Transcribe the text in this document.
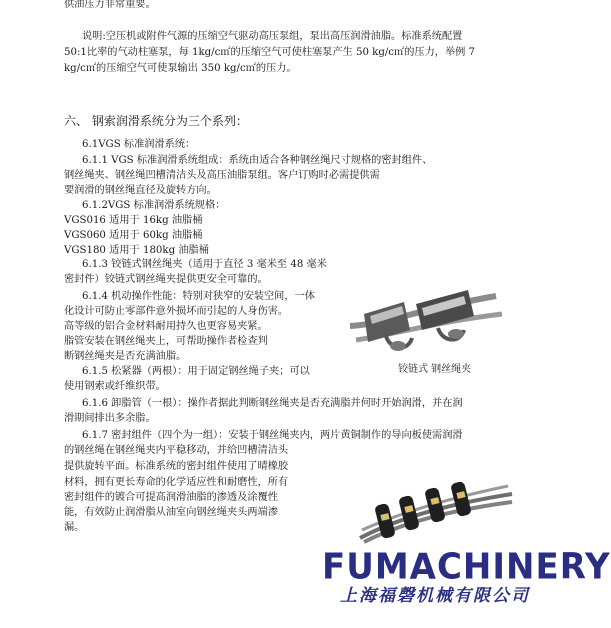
供油压力非常重要。
说明:空压机或附件气源的压缩空气驱动高压泵组，泵出高压润滑油脂。标准系统配置
50:1比率的气动柱塞泵，每 1kg/c㎡的压缩空气可使柱塞泵产生 50 kg/c㎡的压力，举例 7
kg/c㎡的压缩空气可使泵输出 350 kg/c㎡的压力。
六、 钢索润滑系统分为三个系列：
6.1VGS 标准润滑系统：
6.1.1 VGS 标准润滑系统组成：系统由适合各种钢丝绳尺寸规格的密封组件、
钢丝绳夹、钢丝绳凹槽清洁头及高压油脂泵组。客户订购时必需提供需
要润滑的钢丝绳直径及旋转方向。
6.1.2VGS 标准润滑系统规格：
VGS016 适用于 16kg 油脂桶
VGS060 适用于 60kg 油脂桶
VGS180 适用于 180kg 油脂桶
6.1.3 铰链式钢丝绳夹（适用于直径 3 毫米至 48 毫米
密封件）铰链式钢丝绳夹提供更安全可靠的。
6.1.4 机动操作性能：特别对狭窄的安装空间，一体
化设计可防止零部件意外损坏而引起的人身伤害。
高等级的铝合金材料耐用持久也更容易夹紧。
脂管安装在钢丝绳夹上，可帮助操作者检查判
断钢丝绳夹是否充满油脂。
6.1.5 松紧器（两根）：用于固定钢丝绳子夹；可以
使用钢索或纤维织带。
6.1.6 卸脂管（一根）：操作者据此判断钢丝绳夹是否充满脂并何时开始润滑，并在润
滑期间排出多余脂。
6.1.7 密封组件（四个为一组）：安装于钢丝绳夹内，两片黄铜制作的导向板使需润滑
的钢丝绳在钢丝绳夹内平稳移动，并给凹槽清洁头
提供旋转平面。标准系统的密封组件使用了晴橡胶
材料，拥有更长寿命的化学适应性和耐磨性，所有
密封组件的镀合可提高润滑油脂的渗透及涂覆性
能，有效防止润滑脂从油室向钢丝绳夹头两端渗
漏。
铰链式 钢丝绳夹
FUMACHINERY
上海福磬机械有限公司
